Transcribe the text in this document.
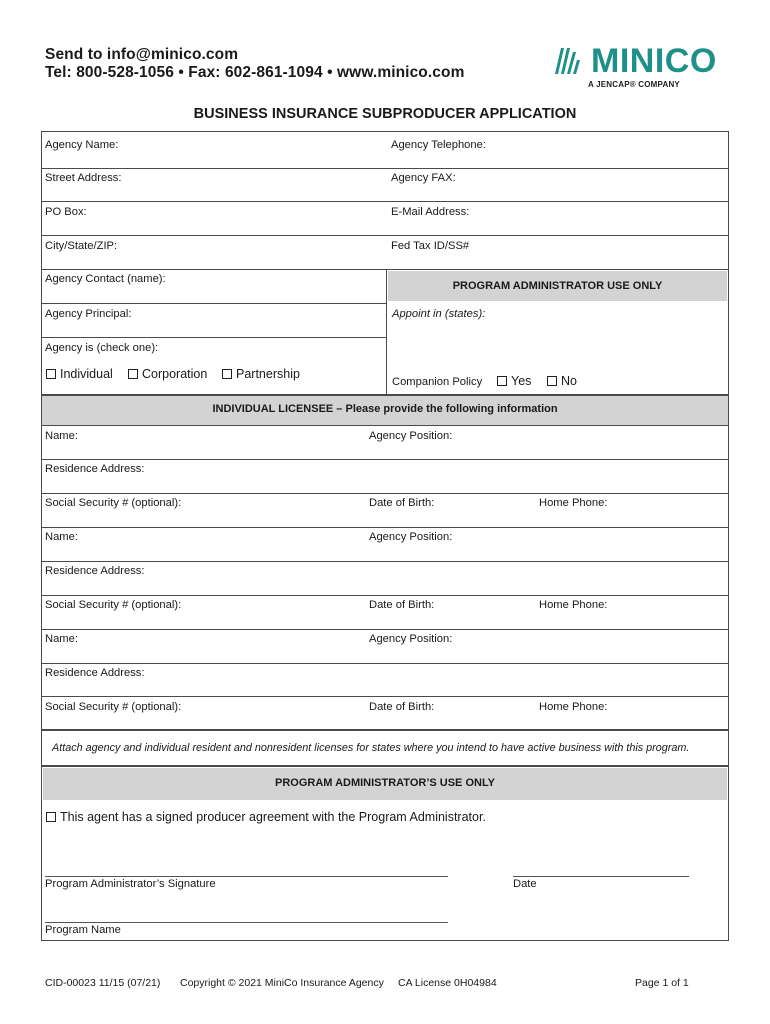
Send to info@minico.com
Tel: 800-528-1056 • Fax: 602-861-1094 • www.minico.com	MINICO
A JENCAP® COMPANY
BUSINESS INSURANCE SUBPRODUCER APPLICATION
Agency Name:	Agency Telephone:
Street Address:	Agency FAX:
PO Box:	E-Mail Address:
City/State/ZIP:	Fed Tax ID/SS#
Agency Contact (name):
Agency Principal:
Agency is (check one):
Individual	Corporation	Partnership
PROGRAM ADMINISTRATOR USE ONLY
Appoint in (states):
Companion Policy	Yes	No
INDIVIDUAL LICENSEE – Please provide the following information
Name:	Agency Position:
Residence Address:
Social Security # (optional):	Date of Birth:	Home Phone:
Name:	Agency Position:
Residence Address:
Social Security # (optional):	Date of Birth:	Home Phone:
Name:	Agency Position:
Residence Address:
Social Security # (optional):	Date of Birth:	Home Phone:
Attach agency and individual resident and nonresident licenses for states where you intend to have active business with this program.
PROGRAM ADMINISTRATOR’S USE ONLY
This agent has a signed producer agreement with the Program Administrator.
Program Administrator’s Signature	Date
Program Name
CID-00023 11/15 (07/21) Copyright © 2021 MiniCo Insurance Agency CA License 0H04984	Page 1 of 1
